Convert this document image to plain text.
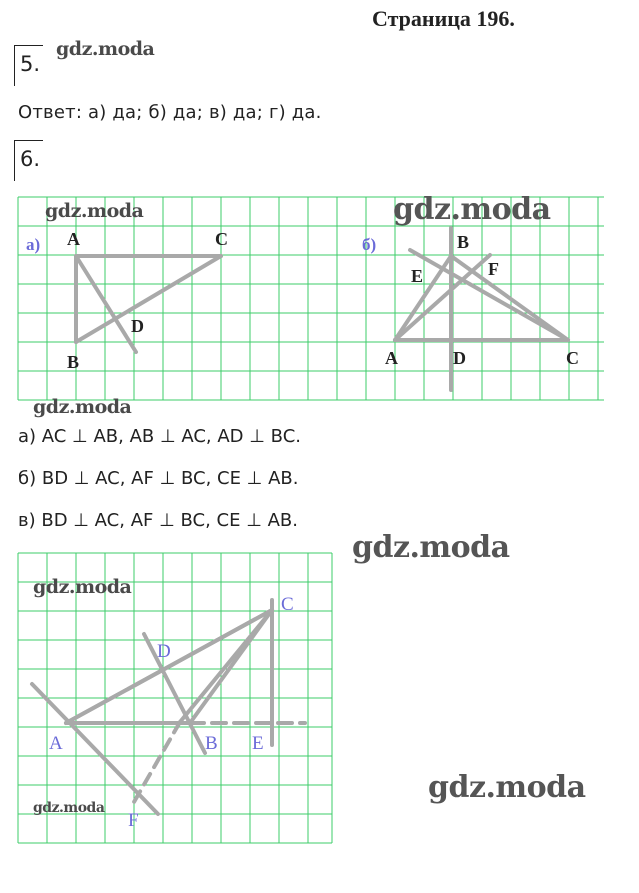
Страница 196.
5.
gdz.moda
Ответ: а) да; б) да; в) да; г) да.
6.
а) A	C
D
B
б)	B
E	F
A	D	C
gdz.moda	gdz.moda
gdz.moda
а) AC ⊥ AB, AB ⊥ AC, AD ⊥ BC.
б) BD ⊥ AC, AF ⊥ BC, CE ⊥ AB.
в) BD ⊥ AC, AF ⊥ BC, CE ⊥ AB.
C
D
A	B E
F
gdz.moda
gdz.moda
gdz.moda
gdz.moda
